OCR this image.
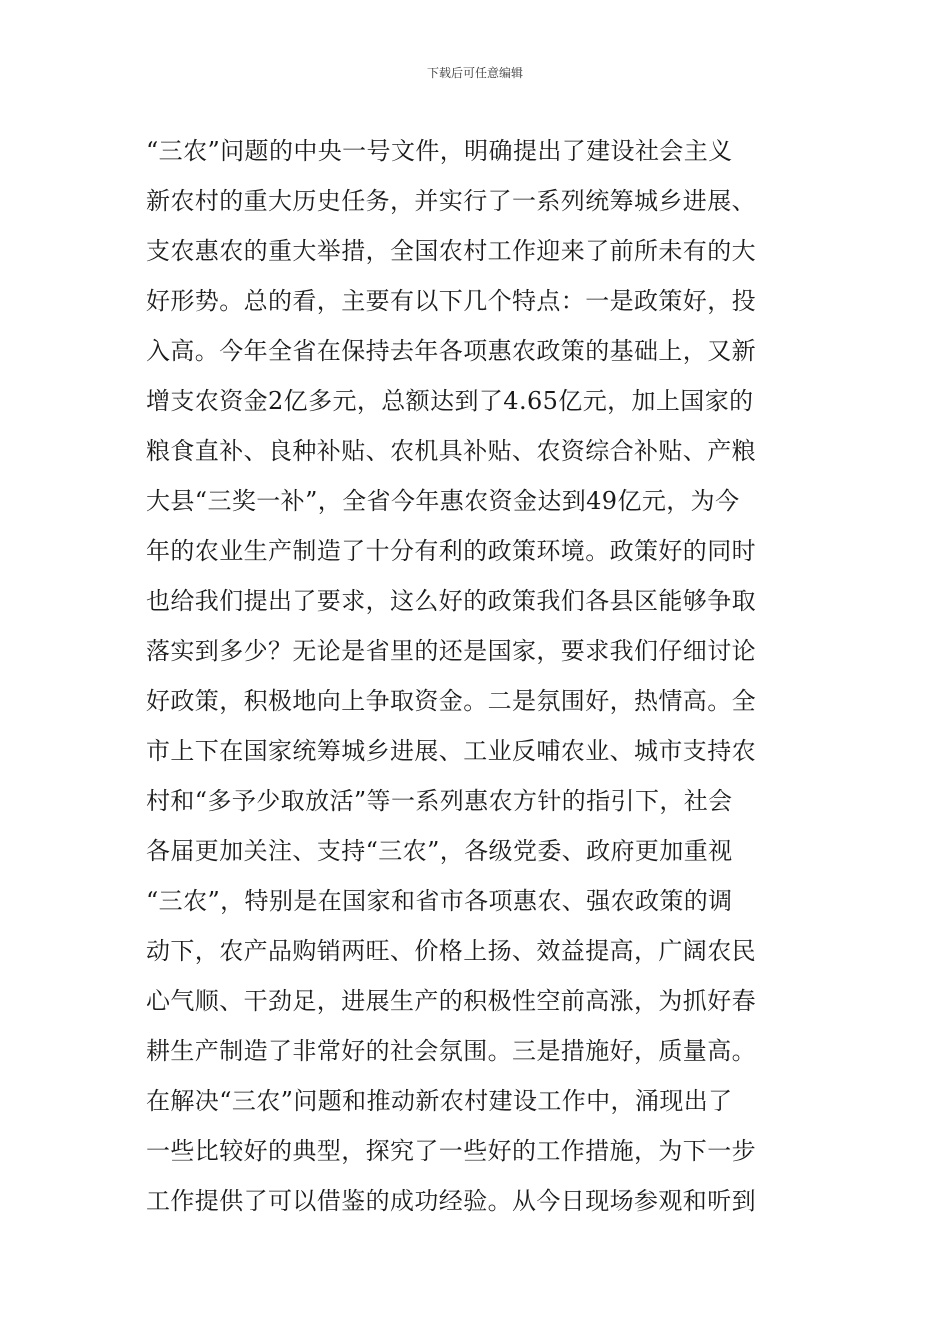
下载后可任意编辑
“三农”问题的中央一号文件，明确提出了建设社会主义
新农村的重大历史任务，并实行了一系列统筹城乡进展、
支农惠农的重大举措，全国农村工作迎来了前所未有的大
好形势。总的看，主要有以下几个特点：一是政策好，投
入高。今年全省在保持去年各项惠农政策的基础上，又新
增支农资金2亿多元，总额达到了4.65亿元，加上国家的
粮食直补、良种补贴、农机具补贴、农资综合补贴、产粮
大县“三奖一补”，全省今年惠农资金达到49亿元，为今
年的农业生产制造了十分有利的政策环境。政策好的同时
也给我们提出了要求，这么好的政策我们各县区能够争取
落实到多少？无论是省里的还是国家，要求我们仔细讨论
好政策，积极地向上争取资金。二是氛围好，热情高。全
市上下在国家统筹城乡进展、工业反哺农业、城市支持农
村和“多予少取放活”等一系列惠农方针的指引下，社会
各届更加关注、支持“三农”，各级党委、政府更加重视
“三农”，特别是在国家和省市各项惠农、强农政策的调
动下，农产品购销两旺、价格上扬、效益提高，广阔农民
心气顺、干劲足，进展生产的积极性空前高涨，为抓好春
耕生产制造了非常好的社会氛围。三是措施好，质量高。
在解决“三农”问题和推动新农村建设工作中，涌现出了
一些比较好的典型，探究了一些好的工作措施，为下一步
工作提供了可以借鉴的成功经验。从今日现场参观和听到
